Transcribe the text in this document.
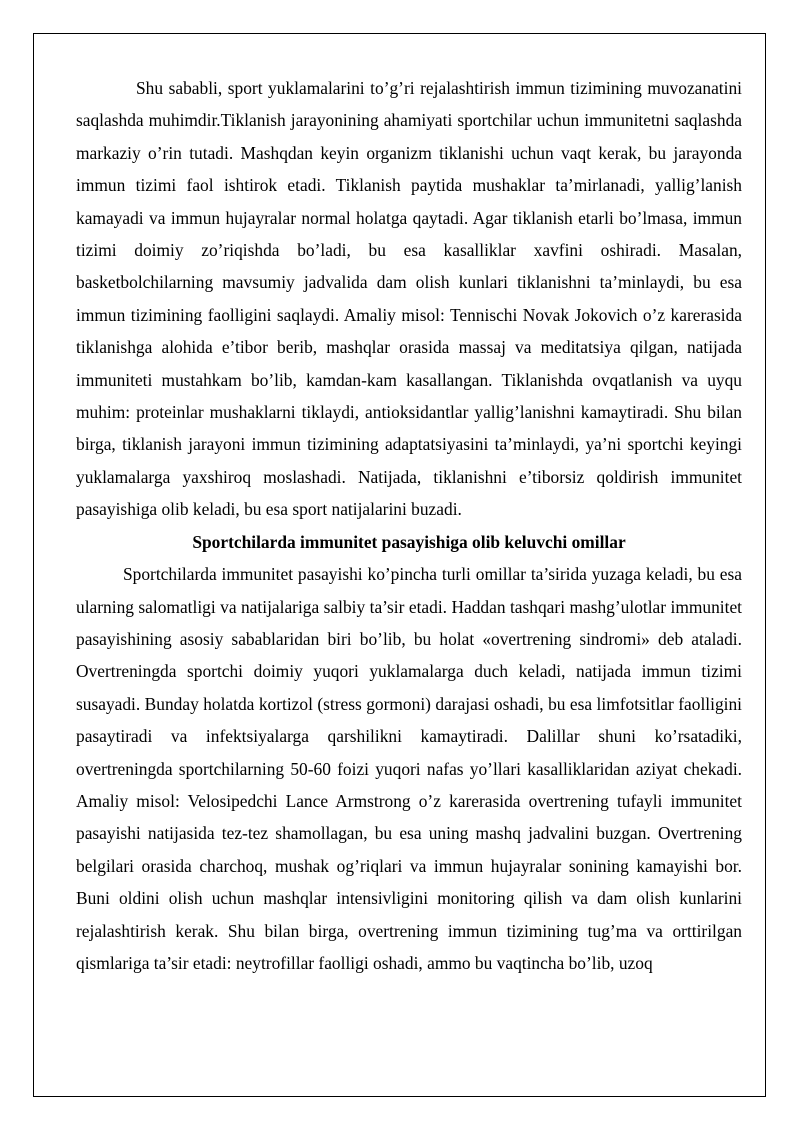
Shu sababli, sport yuklamalarini to’g’ri rejalashtirish immun tizimining muvozanatini saqlashda muhimdir.Tiklanish jarayonining ahamiyati sportchilar uchun immunitetni saqlashda markaziy o’rin tutadi. Mashqdan keyin organizm tiklanishi uchun vaqt kerak, bu jarayonda immun tizimi faol ishtirok etadi. Tiklanish paytida mushaklar ta’mirlanadi, yallig’lanish kamayadi va immun hujayralar normal holatga qaytadi. Agar tiklanish etarli bo’lmasa, immun tizimi doimiy zo’riqishda bo’ladi, bu esa kasalliklar xavfini oshiradi. Masalan, basketbolchilarning mavsumiy jadvalida dam olish kunlari tiklanishni ta’minlaydi, bu esa immun tizimining faolligini saqlaydi. Amaliy misol: Tennischi Novak Jokovich o’z karerasida tiklanishga alohida e’tibor berib, mashqlar orasida massaj va meditatsiya qilgan, natijada immuniteti mustahkam bo’lib, kamdan-kam kasallangan. Tiklanishda ovqatlanish va uyqu muhim: proteinlar mushaklarni tiklaydi, antioksidantlar yallig’lanishni kamaytiradi. Shu bilan birga, tiklanish jarayoni immun tizimining adaptatsiyasini ta’minlaydi, ya’ni sportchi keyingi yuklamalarga yaxshiroq moslashadi. Natijada, tiklanishni e’tiborsiz qoldirish immunitet pasayishiga olib keladi, bu esa sport natijalarini buzadi.

Sportchilarda immunitet pasayishiga olib keluvchi omillar

Sportchilarda immunitet pasayishi ko’pincha turli omillar ta’sirida yuzaga keladi, bu esa ularning salomatligi va natijalariga salbiy ta’sir etadi. Haddan tashqari mashg’ulotlar immunitet pasayishining asosiy sabablaridan biri bo’lib, bu holat «overtrening sindromi» deb ataladi. Overtreningda sportchi doimiy yuqori yuklamalarga duch keladi, natijada immun tizimi susayadi. Bunday holatda kortizol (stress gormoni) darajasi oshadi, bu esa limfotsitlar faolligini pasaytiradi va infektsiyalarga qarshilikni kamaytiradi. Dalillar shuni ko’rsatadiki, overtreningda sportchilarning 50-60 foizi yuqori nafas yo’llari kasalliklaridan aziyat chekadi. Amaliy misol: Velosipedchi Lance Armstrong o’z karerasida overtrening tufayli immunitet pasayishi natijasida tez-tez shamollagan, bu esa uning mashq jadvalini buzgan. Overtrening belgilari orasida charchoq, mushak og’riqlari va immun hujayralar sonining kamayishi bor. Buni oldini olish uchun mashqlar intensivligini monitoring qilish va dam olish kunlarini rejalashtirish kerak. Shu bilan birga, overtrening immun tizimining tug’ma va orttirilgan qismlariga ta’sir etadi: neytrofillar faolligi oshadi, ammo bu vaqtincha bo’lib, uzoq
